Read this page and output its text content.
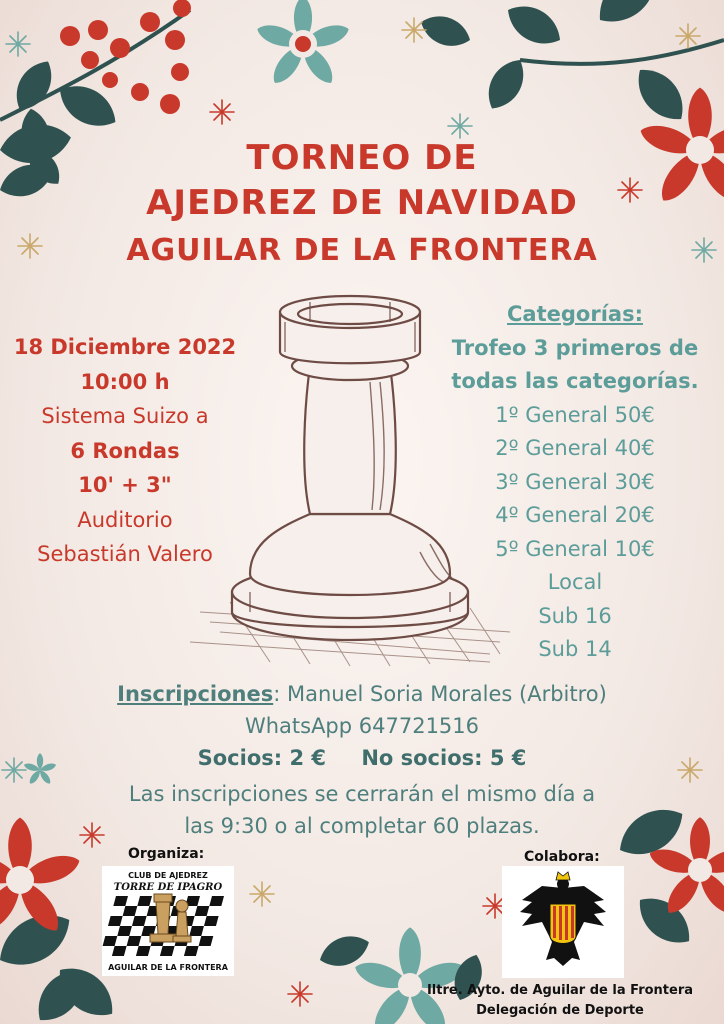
TORNEO DE
AJEDREZ DE NAVIDAD
AGUILAR DE LA FRONTERA
18 Diciembre 2022
10:00 h
Sistema Suizo a
6 Rondas
10' + 3"
Auditorio
Sebastián Valero
Categorías:
Trofeo 3 primeros de
todas las categorías.
1º General 50€
2º General 40€
3º General 30€
4º General 20€
5º General 10€
Local
Sub 16
Sub 14
Inscripciones: Manuel Soria Morales (Arbitro)
WhatsApp 647721516
Socios: 2 € No socios: 5 €
Las inscripciones se cerrarán el mismo día a
las 9:30 o al completar 60 plazas.
Organiza:
CLUB DE AJEDREZ
TORRE DE IPAGRO
AGUILAR DE LA FRONTERA
Colabora:
Iltre. Ayto. de Aguilar de la Frontera
Delegación de Deporte
